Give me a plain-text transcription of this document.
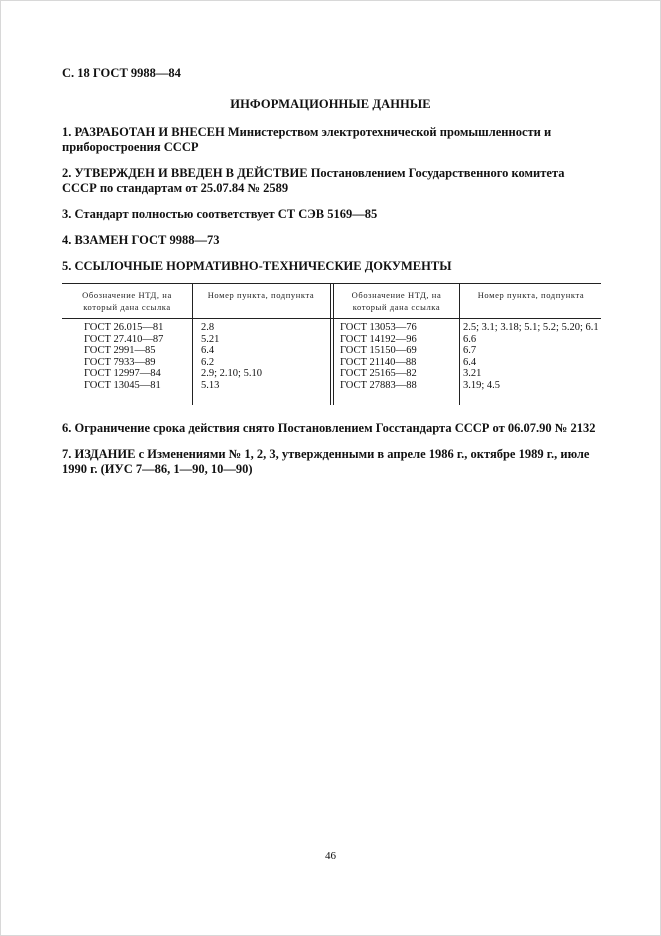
С. 18 ГОСТ 9988—84
ИНФОРМАЦИОННЫЕ ДАННЫЕ
1. РАЗРАБОТАН И ВНЕСЕН Министерством электротехнической промышленности и приборостроения СССР
2. УТВЕРЖДЕН И ВВЕДЕН В ДЕЙСТВИЕ Постановлением Государственного комитета СССР по стандартам от 25.07.84 № 2589
3. Стандарт полностью соответствует СТ СЭВ 5169—85
4. ВЗАМЕН ГОСТ 9988—73
5. ССЫЛОЧНЫЕ НОРМАТИВНО-ТЕХНИЧЕСКИЕ ДОКУМЕНТЫ
Обозначение НТД, на который дана ссылка
Номер пункта, подпункта	Обозначение НТД, на который дана ссылка
Номер пункта, подпункта
ГОСТ 26.015—81
ГОСТ 27.410—87
ГОСТ 2991—85
ГОСТ 7933—89
ГОСТ 12997—84
ГОСТ 13045—81
2.8
5.21
6.4
6.2
2.9; 2.10; 5.10
5.13
ГОСТ 13053—76
ГОСТ 14192—96
ГОСТ 15150—69
ГОСТ 21140—88
ГОСТ 25165—82
ГОСТ 27883—88
2.5; 3.1; 3.18; 5.1; 5.2; 5.20; 6.1
6.6
6.7
6.4
3.21
3.19; 4.5
6. Ограничение срока действия снято Постановлением Госстандарта СССР от 06.07.90 № 2132
7. ИЗДАНИЕ с Изменениями № 1, 2, 3, утвержденными в апреле 1986 г., октябре 1989 г., июле 1990 г. (ИУС 7—86, 1—90, 10—90)
46
